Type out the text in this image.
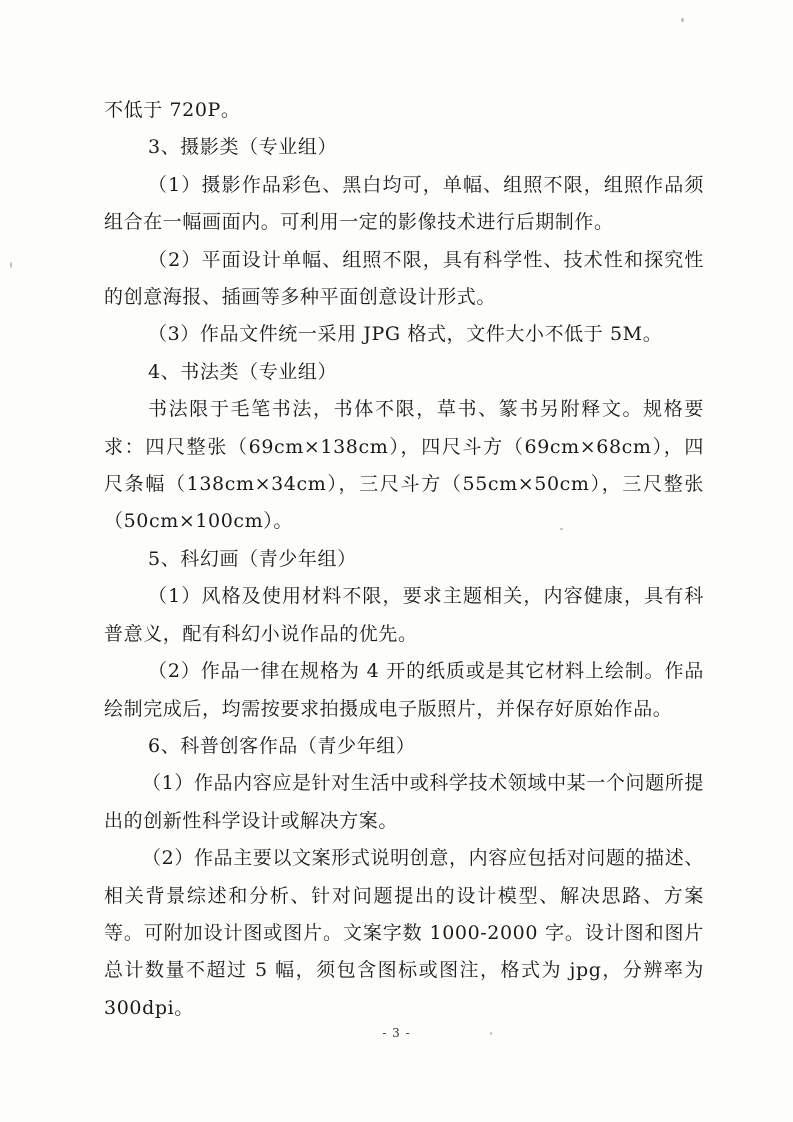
不低于 720P。

3、摄影类（专业组）

（1）摄影作品彩色、黑白均可，单幅、组照不限，组照作品须组合在一幅画面内。可利用一定的影像技术进行后期制作。

（2）平面设计单幅、组照不限，具有科学性、技术性和探究性的创意海报、插画等多种平面创意设计形式。

（3）作品文件统一采用 JPG 格式，文件大小不低于 5M。

4、书法类（专业组）

书法限于毛笔书法，书体不限，草书、篆书另附释文。规格要求：四尺整张（69cm×138cm），四尺斗方（69cm×68cm），四尺条幅（138cm×34cm），三尺斗方（55cm×50cm），三尺整张（50cm×100cm）。

5、科幻画（青少年组）

（1）风格及使用材料不限，要求主题相关，内容健康，具有科普意义，配有科幻小说作品的优先。

（2）作品一律在规格为 4 开的纸质或是其它材料上绘制。作品绘制完成后，均需按要求拍摄成电子版照片，并保存好原始作品。

6、科普创客作品（青少年组）

（1）作品内容应是针对生活中或科学技术领域中某一个问题所提出的创新性科学设计或解决方案。

（2）作品主要以文案形式说明创意，内容应包括对问题的描述、相关背景综述和分析、针对问题提出的设计模型、解决思路、方案等。可附加设计图或图片。文案字数 1000-2000 字。设计图和图片总计数量不超过 5 幅，须包含图标或图注，格式为 jpg，分辨率为 300dpi。

- 3 -
